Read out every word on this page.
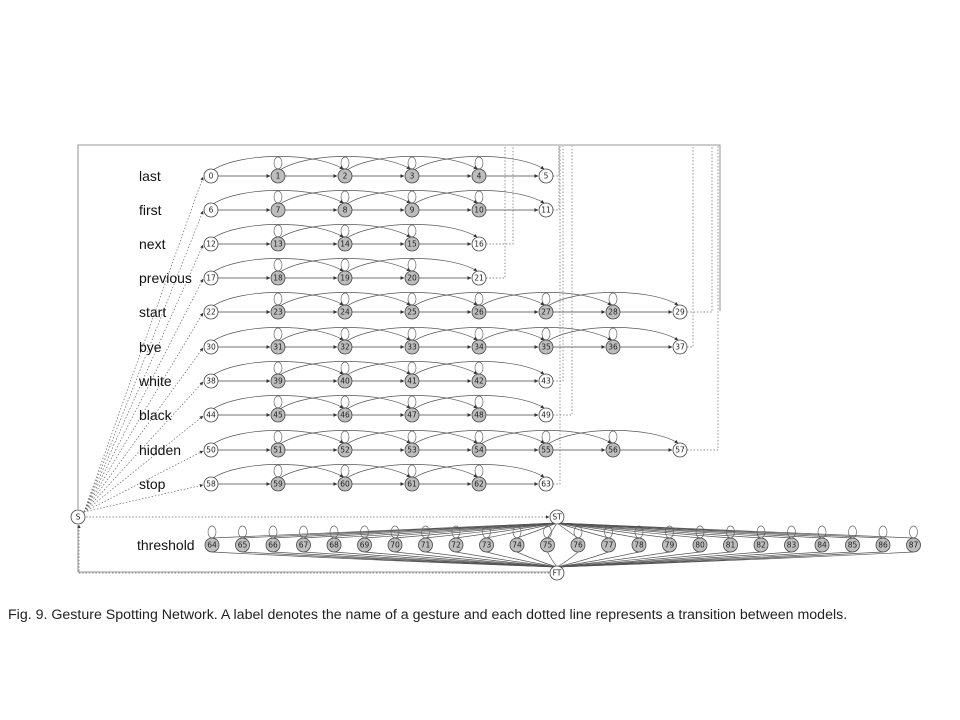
last	0	1	2	3	4	5
first	6	7	8	9	10	11
next	12	13	14	15	16
previous 17	18	19	20	21
start	22	23	24	25	26	27	28	29
bye	30	31	32	33	34	35	36	37
white	38	39	40	41	42	43
black	44	45	46	47	48	49
hidden	50	51	52	53	54	55	56	57
stop	58	59	60	61	62	63
threshold 64	65	66	67	68	69	70	71	72	73	74	75	76	77	78	79	80	81	82	83	84	85	86	87
ST
FT
S
Fig. 9. Gesture Spotting Network. A label denotes the name of a gesture and each dotted line represents a transition between models.
